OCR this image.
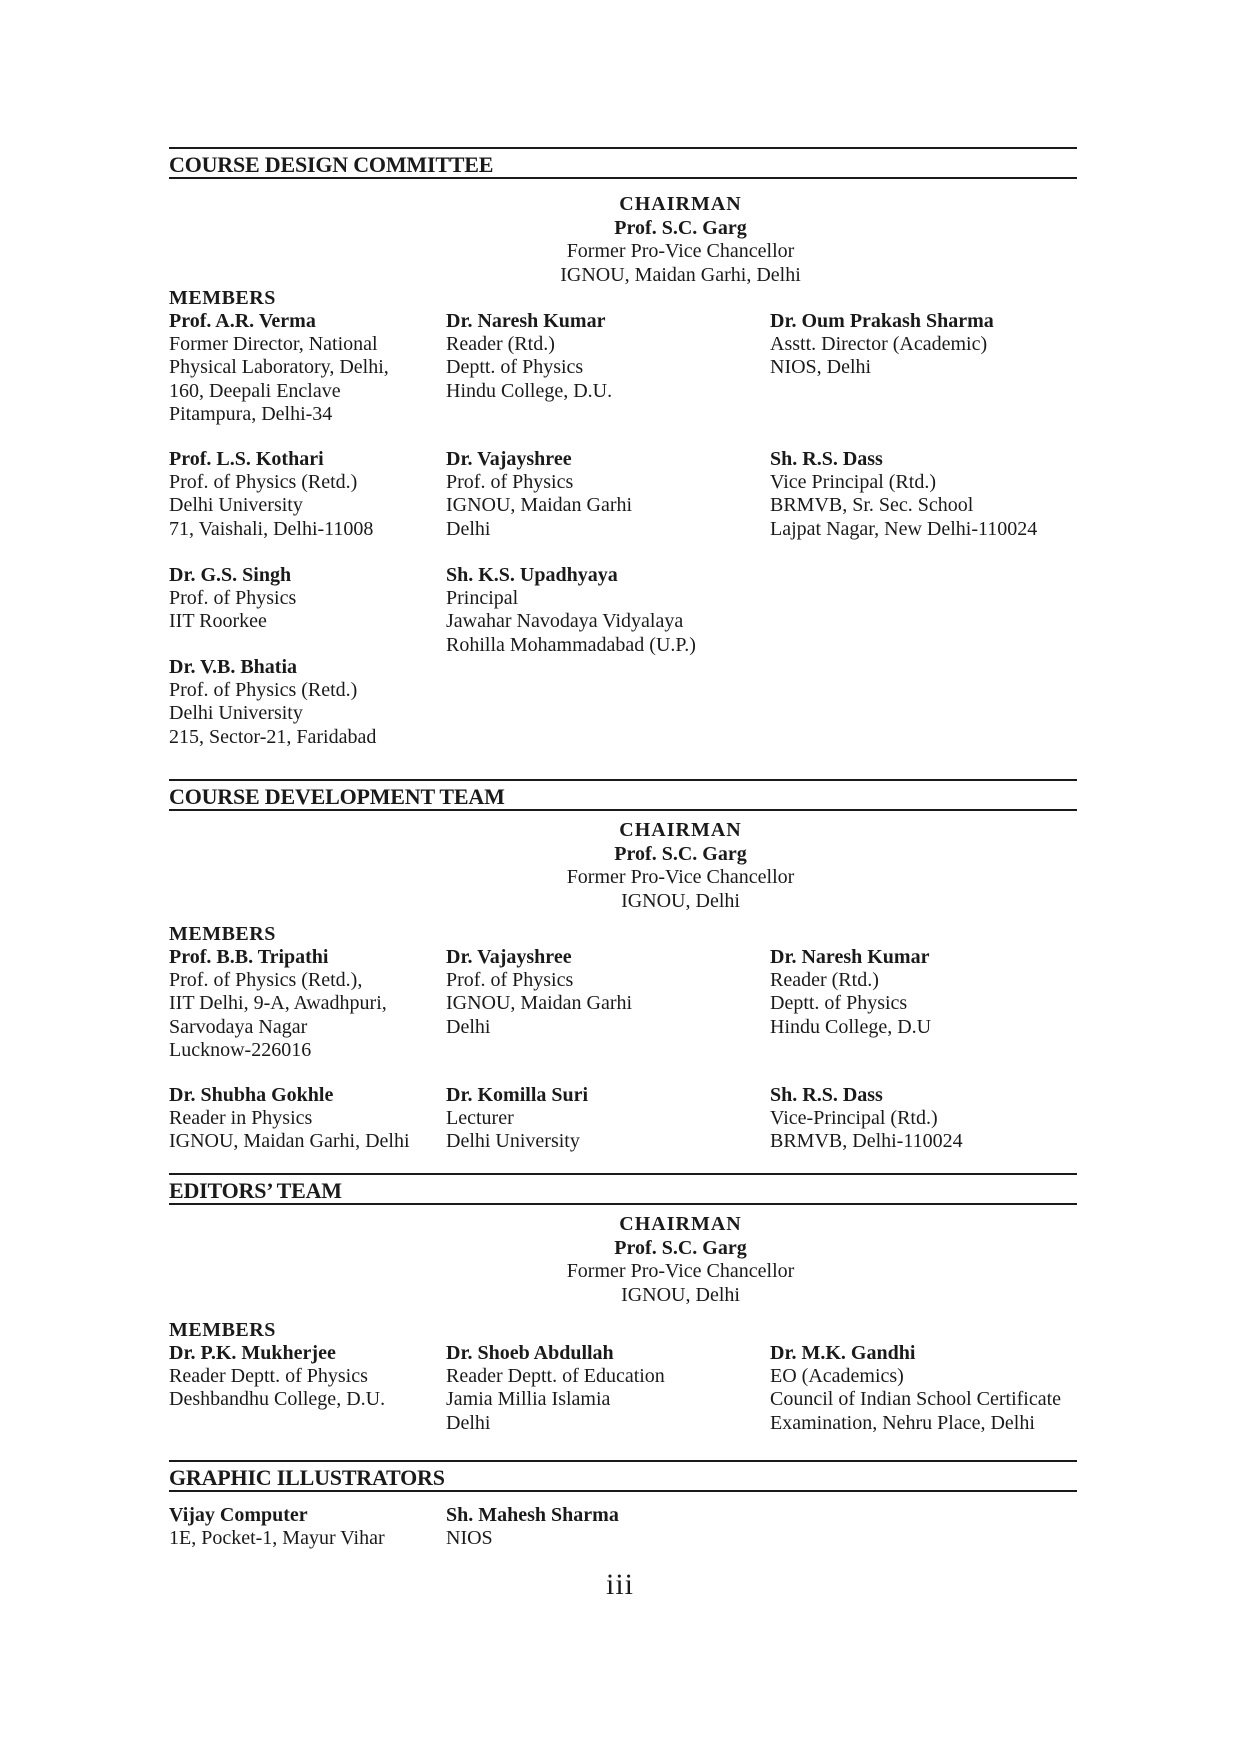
COURSE DESIGN COMMITTEE
CHAIRMAN
Prof. S.C. Garg
Former Pro-Vice Chancellor
IGNOU, Maidan Garhi, Delhi
MEMBERS
Prof. A.R. Verma
Former Director, National
Physical Laboratory, Delhi,
160, Deepali Enclave
Pitampura, Delhi-34
Dr. Naresh Kumar
Reader (Rtd.)
Deptt. of Physics
Hindu College, D.U.
Dr. Oum Prakash Sharma
Asstt. Director (Academic)
NIOS, Delhi
Prof. L.S. Kothari
Prof. of Physics (Retd.)
Delhi University
71, Vaishali, Delhi-11008
Dr. Vajayshree
Prof. of Physics
IGNOU, Maidan Garhi
Delhi
Sh. R.S. Dass
Vice Principal (Rtd.)
BRMVB, Sr. Sec. School
Lajpat Nagar, New Delhi-110024
Dr. G.S. Singh
Prof. of Physics
IIT Roorkee
Sh. K.S. Upadhyaya
Principal
Jawahar Navodaya Vidyalaya
Rohilla Mohammadabad (U.P.)
Dr. V.B. Bhatia
Prof. of Physics (Retd.)
Delhi University
215, Sector-21, Faridabad
COURSE DEVELOPMENT TEAM
CHAIRMAN
Prof. S.C. Garg
Former Pro-Vice Chancellor
IGNOU, Delhi
MEMBERS
Prof. B.B. Tripathi
Prof. of Physics (Retd.),
IIT Delhi, 9-A, Awadhpuri,
Sarvodaya Nagar
Lucknow-226016
Dr. Vajayshree
Prof. of Physics
IGNOU, Maidan Garhi
Delhi
Dr. Naresh Kumar
Reader (Rtd.)
Deptt. of Physics
Hindu College, D.U
Dr. Shubha Gokhle
Reader in Physics
IGNOU, Maidan Garhi, Delhi
Dr. Komilla Suri
Lecturer
Delhi University
Sh. R.S. Dass
Vice-Principal (Rtd.)
BRMVB, Delhi-110024
EDITORS’ TEAM
CHAIRMAN
Prof. S.C. Garg
Former Pro-Vice Chancellor
IGNOU, Delhi
MEMBERS
Dr. P.K. Mukherjee
Reader Deptt. of Physics
Deshbandhu College, D.U.
Dr. Shoeb Abdullah
Reader Deptt. of Education
Jamia Millia Islamia
Delhi
Dr. M.K. Gandhi
EO (Academics)
Council of Indian School Certificate
Examination, Nehru Place, Delhi
GRAPHIC ILLUSTRATORS
Vijay Computer
1E, Pocket-1, Mayur Vihar
Sh. Mahesh Sharma
NIOS
iii
